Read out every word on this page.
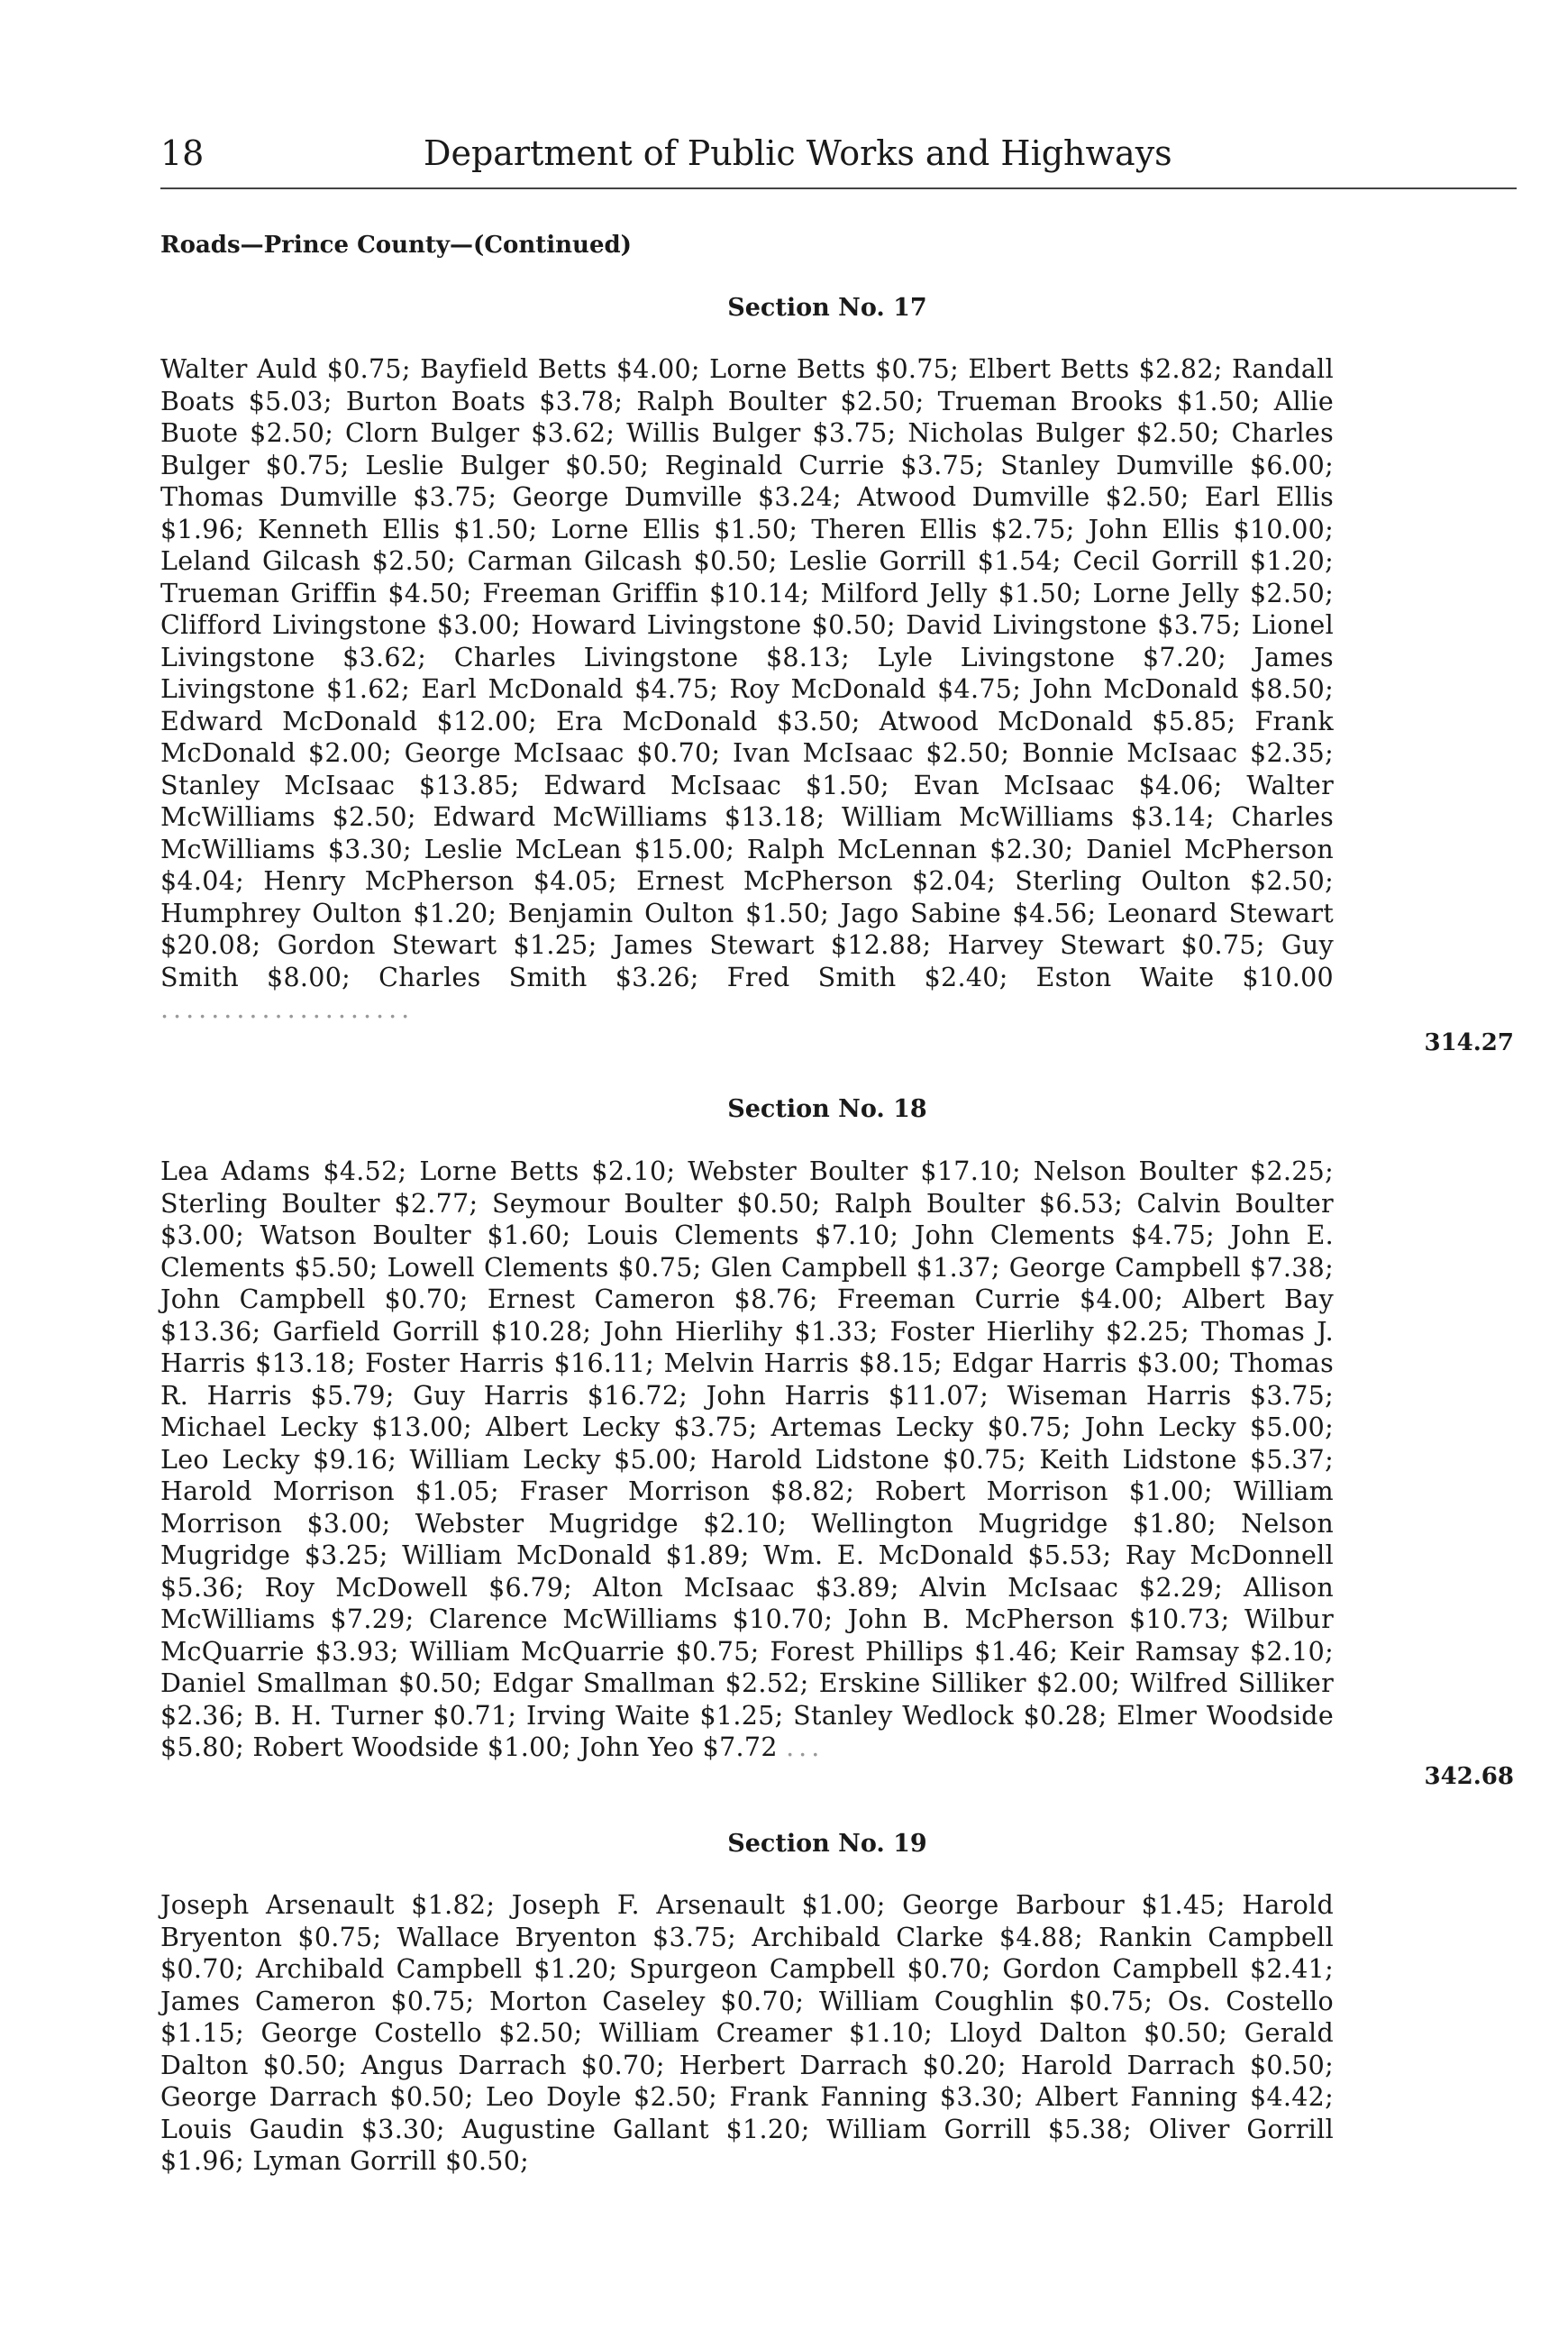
18	Department of Public Works and Highways
Roads—Prince County—(Continued)
Section No. 17
Walter Auld $0.75; Bayfield Betts $4.00; Lorne Betts $0.75; Elbert Betts $2.82; Randall Boats $5.03; Burton Boats $3.78; Ralph Boulter $2.50; Trueman Brooks $1.50; Allie Buote $2.50; Clorn Bulger $3.62; Willis Bulger $3.75; Nicholas Bulger $2.50; Charles Bulger $0.75; Leslie Bulger $0.50; Reginald Currie $3.75; Stanley Dumville $6.00; Thomas Dumville $3.75; George Dumville $3.24; Atwood Dumville $2.50; Earl Ellis $1.96; Kenneth Ellis $1.50; Lorne Ellis $1.50; Theren Ellis $2.75; John Ellis $10.00; Leland Gilcash $2.50; Carman Gilcash $0.50; Leslie Gorrill $1.54; Cecil Gorrill $1.20; Trueman Griffin $4.50; Freeman Griffin $10.14; Milford Jelly $1.50; Lorne Jelly $2.50; Clifford Livingstone $3.00; Howard Livingstone $0.50; David Livingstone $3.75; Lionel Livingstone $3.62; Charles Livingstone $8.13; Lyle Livingstone $7.20; James Livingstone $1.62; Earl McDonald $4.75; Roy McDonald $4.75; John McDonald $8.50; Edward McDonald $12.00; Era McDonald $3.50; Atwood McDonald $5.85; Frank McDonald $2.00; George McIsaac $0.70; Ivan McIsaac $2.50; Bonnie McIsaac $2.35; Stanley McIsaac $13.85; Edward McIsaac $1.50; Evan McIsaac $4.06; Walter McWilliams $2.50; Edward McWilliams $13.18; William McWilliams $3.14; Charles McWilliams $3.30; Leslie McLean $15.00; Ralph McLennan $2.30; Daniel McPherson $4.04; Henry McPherson $4.05; Ernest McPherson $2.04; Sterling Oulton $2.50; Humphrey Oulton $1.20; Benjamin Oulton $1.50; Jago Sabine $4.56; Leonard Stewart $20.08; Gordon Stewart $1.25; James Stewart $12.88; Harvey Stewart $0.75; Guy Smith $8.00; Charles Smith $3.26; Fred Smith $2.40; Eston Waite $10.00 ....................
314.27
Section No. 18
Lea Adams $4.52; Lorne Betts $2.10; Webster Boulter $17.10; Nelson Boulter $2.25; Sterling Boulter $2.77; Seymour Boulter $0.50; Ralph Boulter $6.53; Calvin Boulter $3.00; Watson Boulter $1.60; Louis Clements $7.10; John Clements $4.75; John E. Clements $5.50; Lowell Clements $0.75; Glen Campbell $1.37; George Campbell $7.38; John Campbell $0.70; Ernest Cameron $8.76; Freeman Currie $4.00; Albert Bay $13.36; Garfield Gorrill $10.28; John Hierlihy $1.33; Foster Hierlihy $2.25; Thomas J. Harris $13.18; Foster Harris $16.11; Melvin Harris $8.15; Edgar Harris $3.00; Thomas R. Harris $5.79; Guy Harris $16.72; John Harris $11.07; Wiseman Harris $3.75; Michael Lecky $13.00; Albert Lecky $3.75; Artemas Lecky $0.75; John Lecky $5.00; Leo Lecky $9.16; William Lecky $5.00; Harold Lidstone $0.75; Keith Lidstone $5.37; Harold Morrison $1.05; Fraser Morrison $8.82; Robert Morrison $1.00; William Morrison $3.00; Webster Mugridge $2.10; Wellington Mugridge $1.80; Nelson Mugridge $3.25; William McDonald $1.89; Wm. E. McDonald $5.53; Ray McDonnell $5.36; Roy McDowell $6.79; Alton McIsaac $3.89; Alvin McIsaac $2.29; Allison McWilliams $7.29; Clarence McWilliams $10.70; John B. McPherson $10.73; Wilbur McQuarrie $3.93; William McQuarrie $0.75; Forest Phillips $1.46; Keir Ramsay $2.10; Daniel Smallman $0.50; Edgar Smallman $2.52; Erskine Silliker $2.00; Wilfred Silliker $2.36; B. H. Turner $0.71; Irving Waite $1.25; Stanley Wedlock $0.28; Elmer Woodside $5.80; Robert Woodside $1.00; John Yeo $7.72 ...
342.68
Section No. 19
Joseph Arsenault $1.82; Joseph F. Arsenault $1.00; George Barbour $1.45; Harold Bryenton $0.75; Wallace Bryenton $3.75; Archibald Clarke $4.88; Rankin Campbell $0.70; Archibald Campbell $1.20; Spurgeon Campbell $0.70; Gordon Campbell $2.41; James Cameron $0.75; Morton Caseley $0.70; William Coughlin $0.75; Os. Costello $1.15; George Costello $2.50; William Creamer $1.10; Lloyd Dalton $0.50; Gerald Dalton $0.50; Angus Darrach $0.70; Herbert Darrach $0.20; Harold Darrach $0.50; George Darrach $0.50; Leo Doyle $2.50; Frank Fanning $3.30; Albert Fanning $4.42; Louis Gaudin $3.30; Augustine Gallant $1.20; William Gorrill $5.38; Oliver Gorrill $1.96; Lyman Gorrill $0.50;
